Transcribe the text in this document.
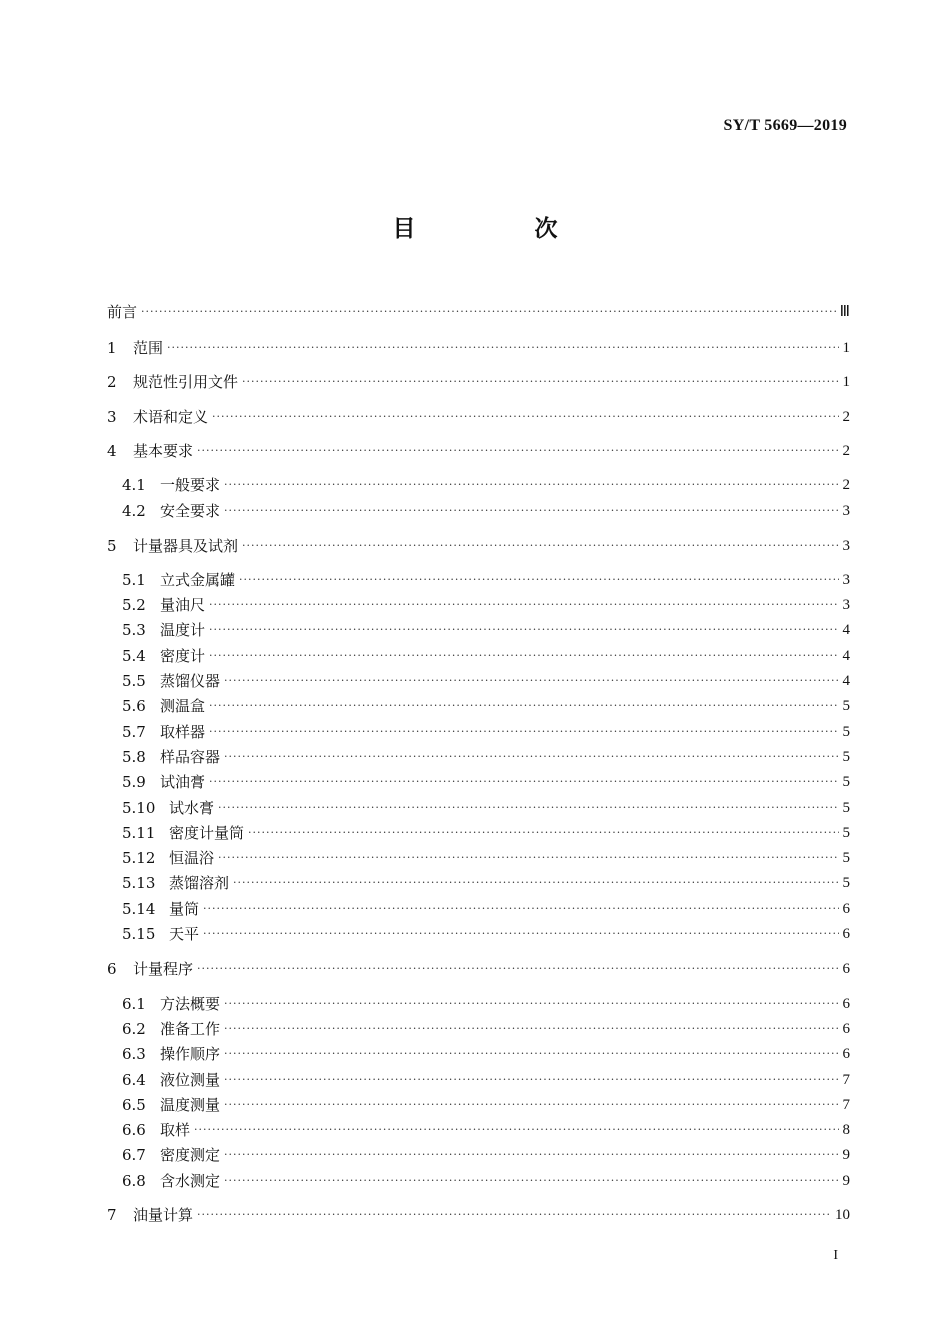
SY/T 5669—2019
目　次
前言 ·····	Ⅲ
1	范围 ·····	1
2	规范性引用文件 ·····	1
3	术语和定义 ·····	2
4	基本要求 ·····	2
4.1 一般要求 ·····	2
4.2 安全要求 ·····	3
5	计量器具及试剂 ·····	3
5.1 立式金属罐 ·····	3
5.2 量油尺 ·····	3
5.3 温度计 ·····	4
5.4 密度计 ·····	4
5.5 蒸馏仪器 ·····	4
5.6 测温盒 ·····	5
5.7 取样器 ·····	5
5.8 样品容器 ·····	5
5.9 试油膏 ·····	5
5.10 试水膏 ·····	5
5.11 密度计量筒 ·····	5
5.12 恒温浴 ·····	5
5.13 蒸馏溶剂 ·····	5
5.14 量筒 ·····	6
5.15 天平 ·····	6
6	计量程序 ·····	6
6.1 方法概要 ·····	6
6.2 准备工作 ·····	6
6.3 操作顺序 ·····	6
6.4 液位测量 ·····	7
6.5 温度测量 ·····	7
6.6 取样 ·····	8
6.7 密度测定 ·····	9
6.8 含水测定 ·····	9
7	油量计算 ·····	10
I
